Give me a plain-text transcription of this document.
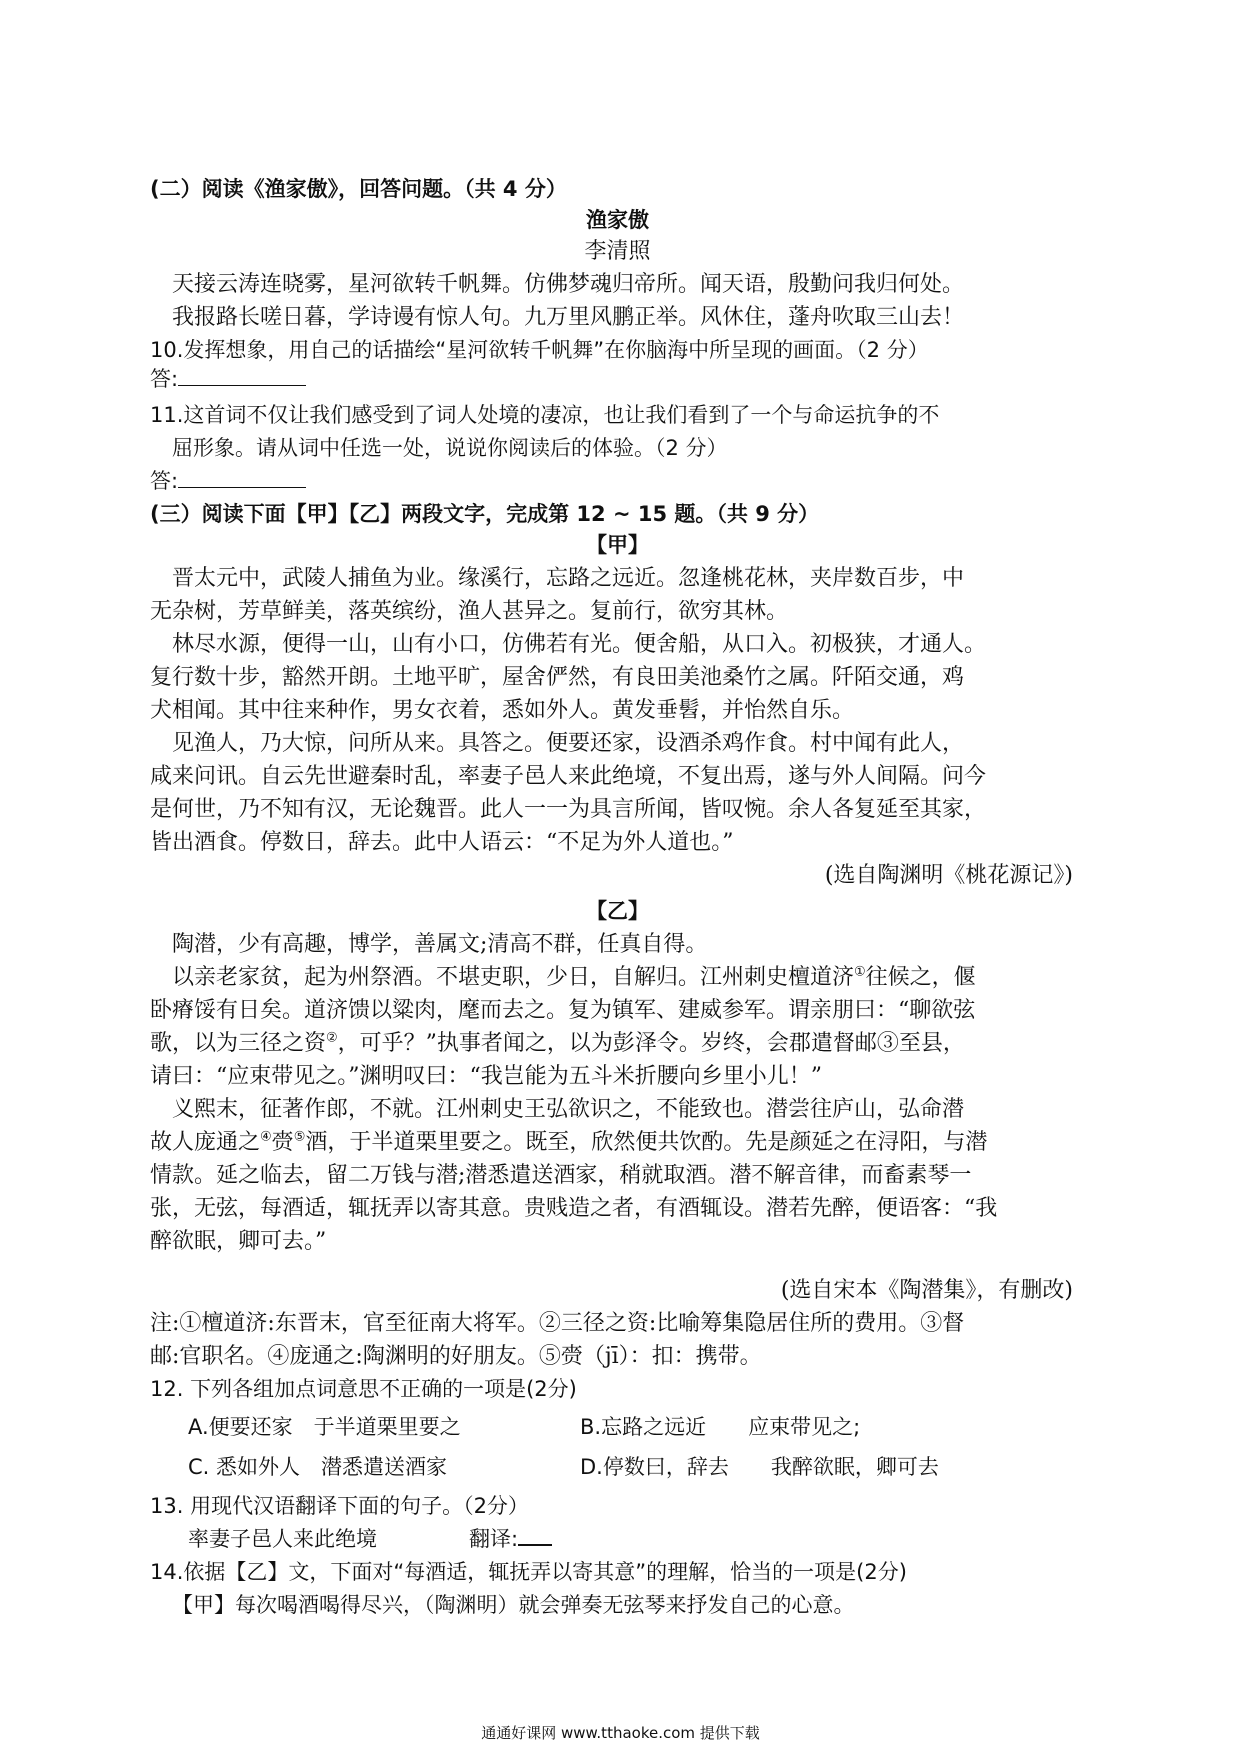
(二）阅读《渔家傲》，回答问题。（共 4 分）
渔家傲
李清照
天接云涛连晓雾，星河欲转千帆舞。仿佛梦魂归帝所。闻天语，殷勤问我归何处。
我报路长嗟日暮，学诗谩有惊人句。九万里风鹏正举。风休住，蓬舟吹取三山去！
10.发挥想象，用自己的话描绘“星河欲转千帆舞”在你脑海中所呈现的画面。（2 分）
答:
11.这首词不仅让我们感受到了词人处境的凄凉，也让我们看到了一个与命运抗争的不
屈形象。请从词中任选一处，说说你阅读后的体验。（2 分）
答:
(三）阅读下面【甲】【乙】两段文字，完成第 12 ~ 15 题。（共 9 分）
【甲】
晋太元中，武陵人捕鱼为业。缘溪行，忘路之远近。忽逢桃花林，夹岸数百步，中
无杂树，芳草鲜美，落英缤纷，渔人甚异之。复前行，欲穷其林。
林尽水源，便得一山，山有小口，仿佛若有光。便舍船，从口入。初极狭，才通人。
复行数十步，豁然开朗。土地平旷，屋舍俨然，有良田美池桑竹之属。阡陌交通，鸡
犬相闻。其中往来种作，男女衣着，悉如外人。黄发垂髫，并怡然自乐。
见渔人，乃大惊，问所从来。具答之。便要还家，设酒杀鸡作食。村中闻有此人，
咸来问讯。自云先世避秦时乱，率妻子邑人来此绝境，不复出焉，遂与外人间隔。问今
是何世，乃不知有汉，无论魏晋。此人一一为具言所闻，皆叹惋。余人各复延至其家，
皆出酒食。停数日，辞去。此中人语云：“不足为外人道也。”
(选自陶渊明《桃花源记》)
【乙】
陶潜，少有高趣，博学，善属文;清高不群，任真自得。
以亲老家贫，起为州祭酒。不堪吏职，少日，自解归。江州刺史檀道济①往候之，偃
卧瘠馁有日矣。道济馈以粱肉，麾而去之。复为镇军、建威参军。谓亲朋曰：“聊欲弦
歌，以为三径之资②，可乎？”执事者闻之，以为彭泽令。岁终，会郡遣督邮③至县，
请曰：“应束带见之。”渊明叹曰：“我岂能为五斗米折腰向乡里小儿！”
义熙末，征著作郎，不就。江州刺史王弘欲识之，不能致也。潜尝往庐山，弘命潜
故人庞通之④赍⑤酒，于半道栗里要之。既至，欣然便共饮酌。先是颜延之在浔阳，与潜
情款。延之临去，留二万钱与潜;潜悉遣送酒家，稍就取酒。潜不解音律，而畜素琴一
张，无弦，每酒适，辄抚弄以寄其意。贵贱造之者，有酒辄设。潜若先醉，便语客：“我
醉欲眠，卿可去。”
(选自宋本《陶潜集》，有删改)
注:①檀道济:东晋末，官至征南大将军。②三径之资:比喻筹集隐居住所的费用。③督
邮:官职名。④庞通之:陶渊明的好朋友。⑤赍（jī）：扣：携带。
12. 下列各组加点词意思不正确的一项是(2分)
A.便要还家　于半道栗里要之	B.忘路之远近　　应束带见之;
C. 悉如外人　潜悉遣送酒家	D.停数曰，辞去　　我醉欲眠，卿可去
13. 用现代汉语翻译下面的句子。（2分）
率妻子邑人来此绝境	翻译:
14.依据【乙】文，下面对“每酒适，辄抚弄以寄其意”的理解，恰当的一项是(2分)
【甲】每次喝酒喝得尽兴，（陶渊明）就会弹奏无弦琴来抒发自己的心意。
通通好课网 www.tthaoke.com 提供下载
